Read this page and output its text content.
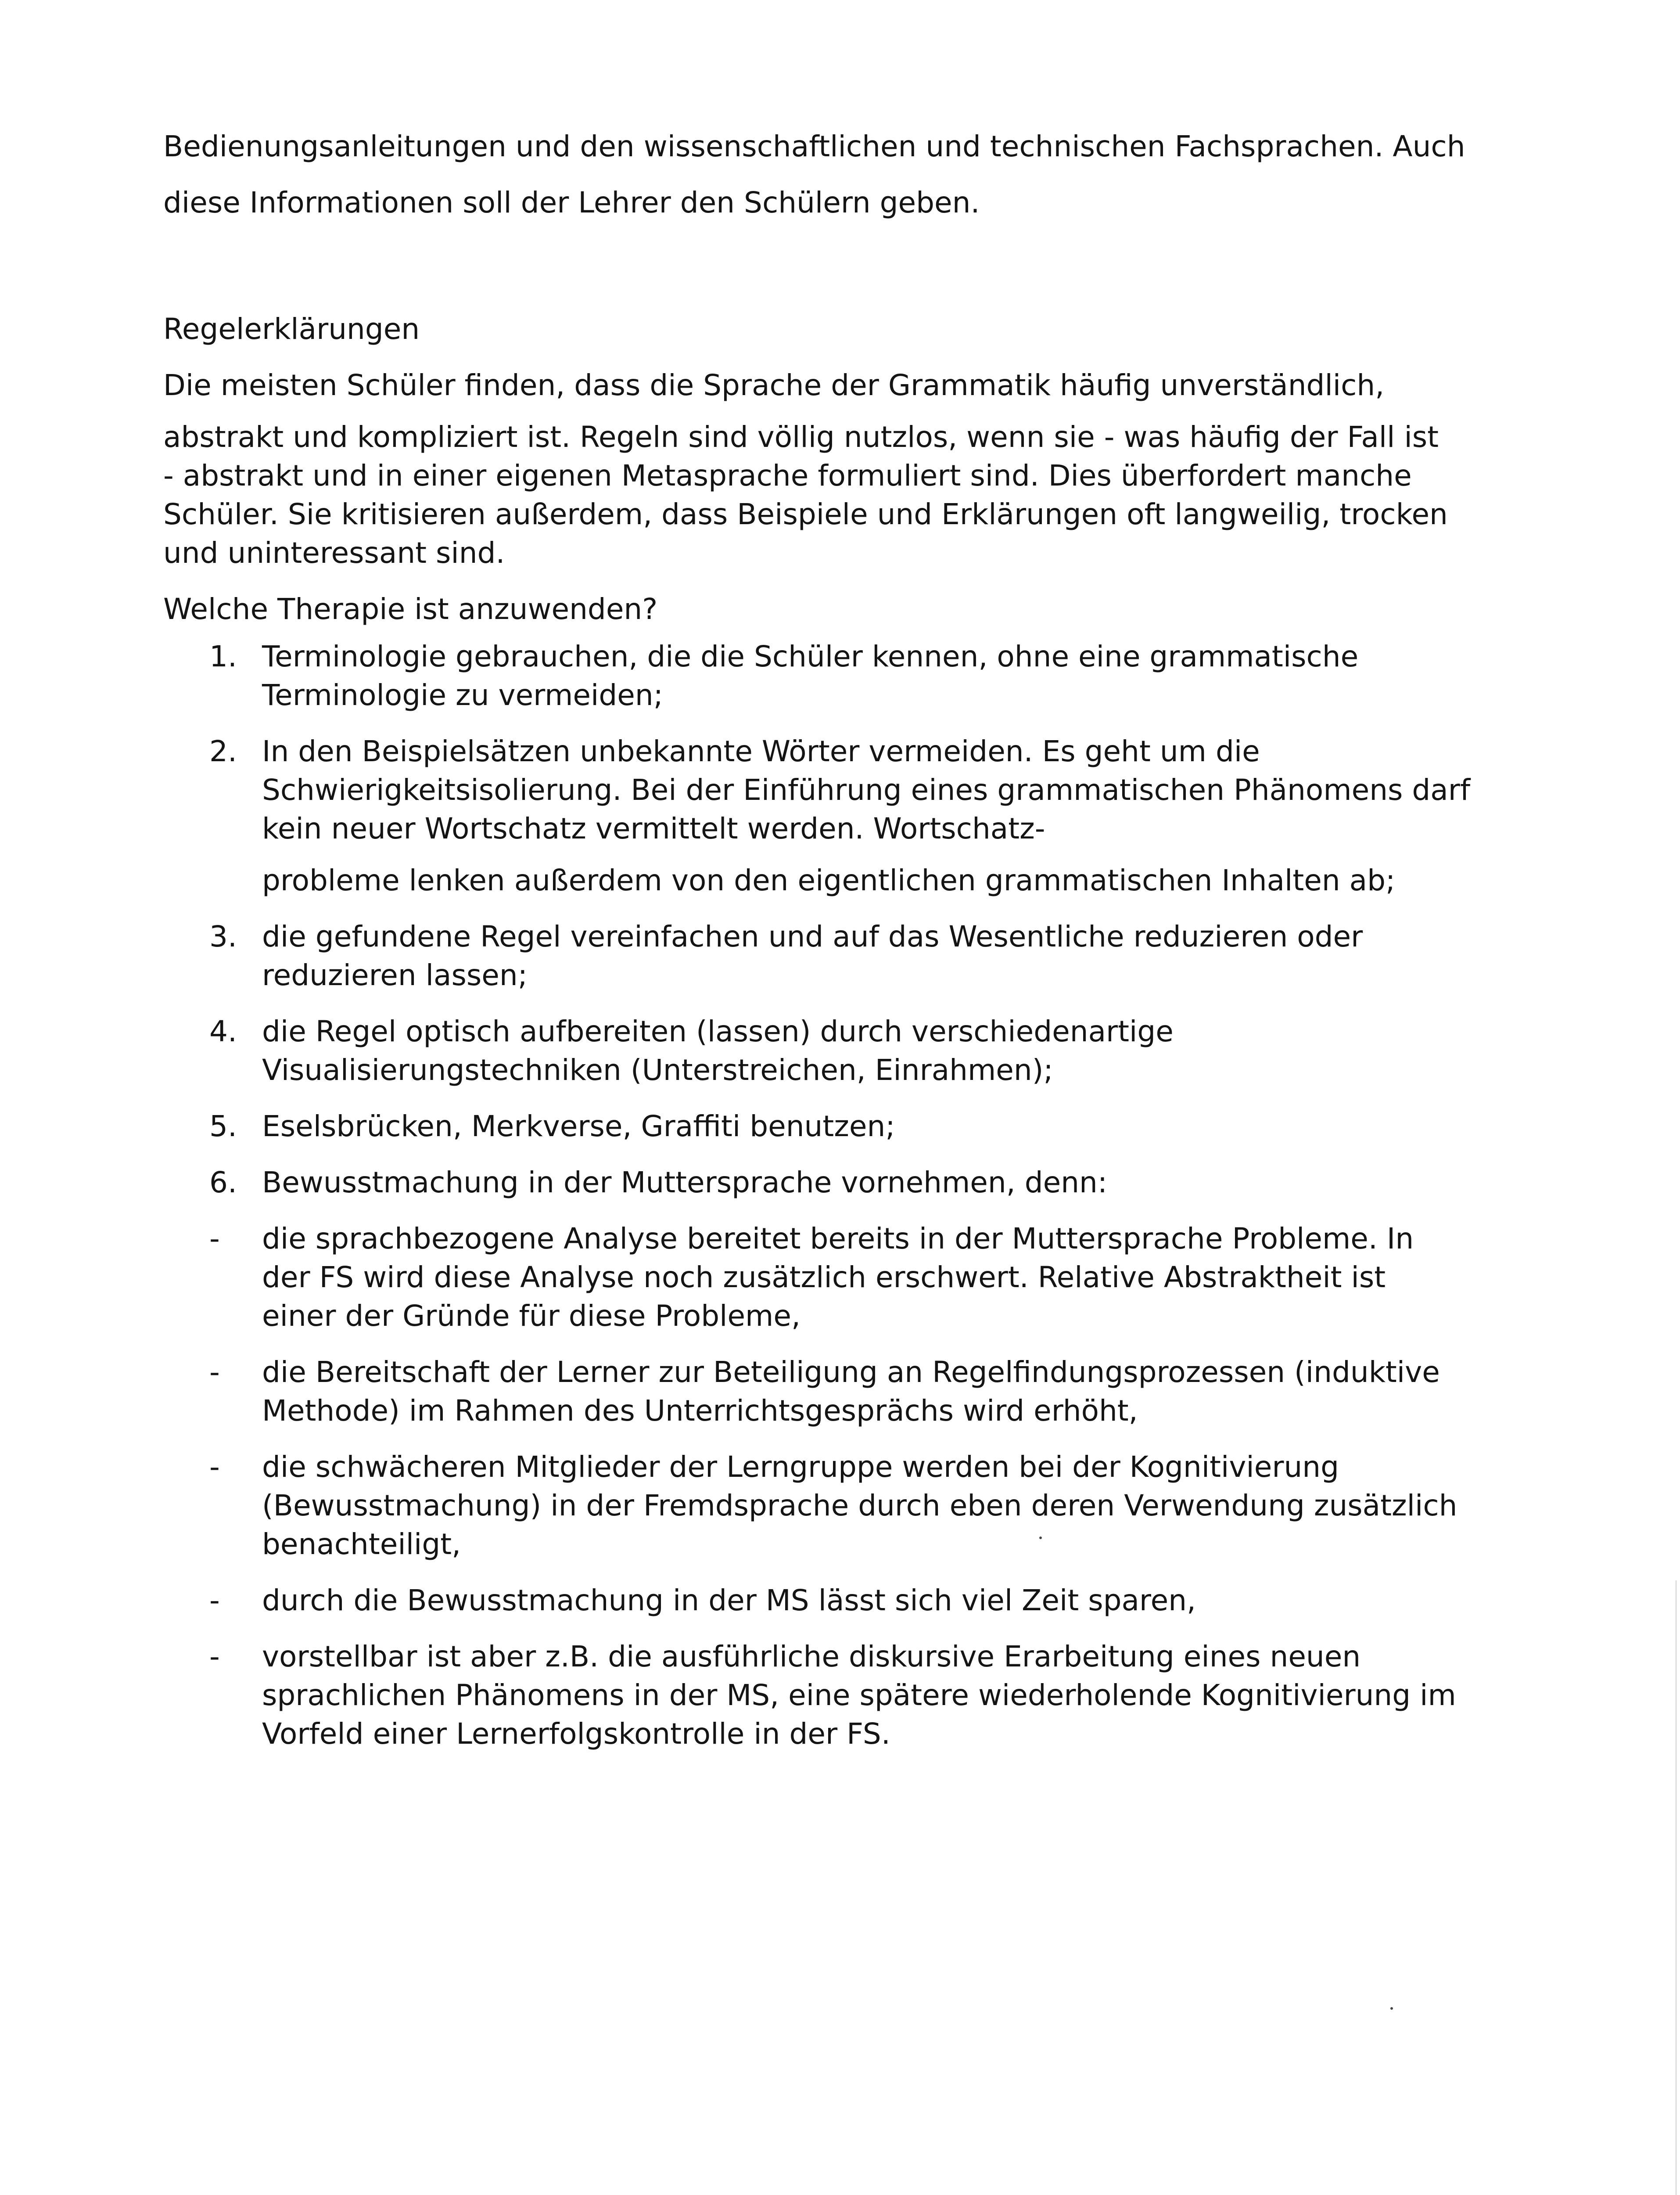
Bedienungsanleitungen und den wissenschaftlichen und technischen Fachsprachen. Auch
diese Informationen soll der Lehrer den Schülern geben.
Regelerklärungen
Die meisten Schüler finden, dass die Sprache der Grammatik häufig unverständlich,
abstrakt und kompliziert ist. Regeln sind völlig nutzlos, wenn sie - was häufig der Fall ist
- abstrakt und in einer eigenen Metasprache formuliert sind. Dies überfordert manche
Schüler. Sie kritisieren außerdem, dass Beispiele und Erklärungen oft langweilig, trocken
und uninteressant sind.
Welche Therapie ist anzuwenden?
1. Terminologie gebrauchen, die die Schüler kennen, ohne eine grammatische
Terminologie zu vermeiden;
2. In den Beispielsätzen unbekannte Wörter vermeiden. Es geht um die
Schwierigkeitsisolierung. Bei der Einführung eines grammatischen Phänomens darf
kein neuer Wortschatz vermittelt werden. Wortschatz-
probleme lenken außerdem von den eigentlichen grammatischen Inhalten ab;
3. die gefundene Regel vereinfachen und auf das Wesentliche reduzieren oder
reduzieren lassen;
4. die Regel optisch aufbereiten (lassen) durch verschiedenartige
Visualisierungstechniken (Unterstreichen, Einrahmen);
5. Eselsbrücken, Merkverse, Graffiti benutzen;
6. Bewusstmachung in der Muttersprache vornehmen, denn:
- die sprachbezogene Analyse bereitet bereits in der Muttersprache Probleme. In
der FS wird diese Analyse noch zusätzlich erschwert. Relative Abstraktheit ist
einer der Gründe für diese Probleme,
- die Bereitschaft der Lerner zur Beteiligung an Regelfindungsprozessen (induktive
Methode) im Rahmen des Unterrichtsgesprächs wird erhöht,
- die schwächeren Mitglieder der Lerngruppe werden bei der Kognitivierung
(Bewusstmachung) in der Fremdsprache durch eben deren Verwendung zusätzlich
benachteiligt,
- durch die Bewusstmachung in der MS lässt sich viel Zeit sparen,
- vorstellbar ist aber z.B. die ausführliche diskursive Erarbeitung eines neuen
sprachlichen Phänomens in der MS, eine spätere wiederholende Kognitivierung im
Vorfeld einer Lernerfolgskontrolle in der FS.
